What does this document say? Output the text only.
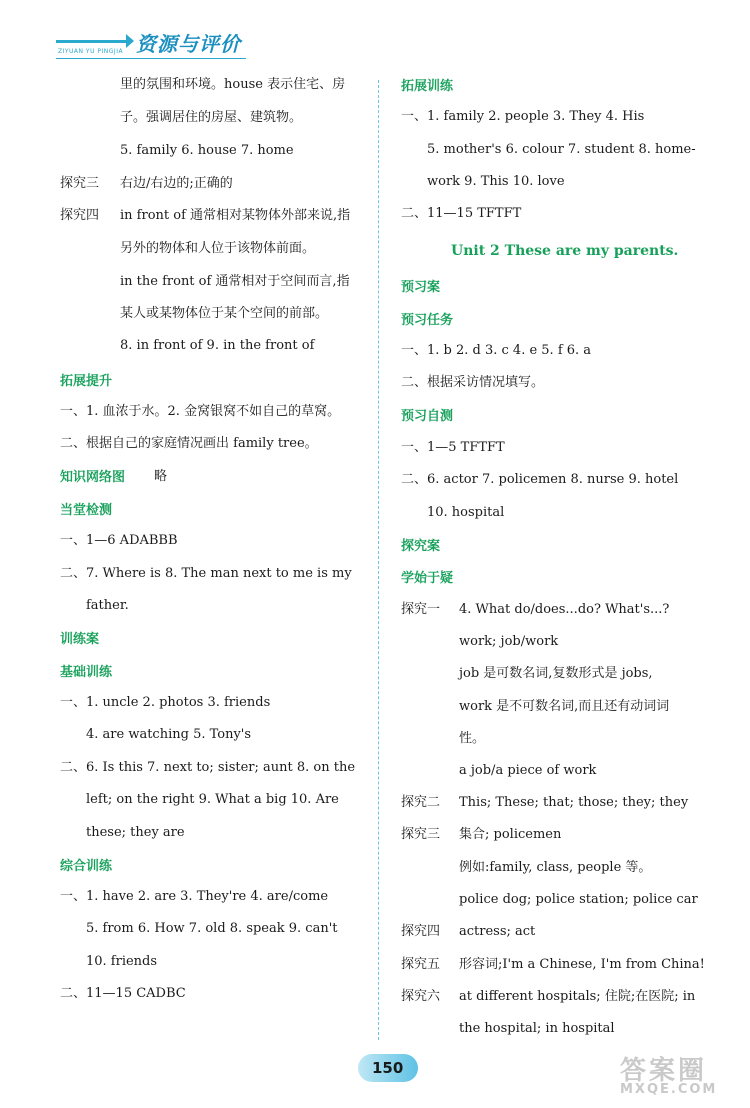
ZIYUAN YU PINGJIA 资源与评价
里的氛围和环境。house 表示住宅、房
子。强调居住的房屋、建筑物。
5. family 6. house 7. home
探究三 右边/右边的;正确的
探究四 in front of 通常相对某物体外部来说,指
另外的物体和人位于该物体前面。
in the front of 通常相对于空间而言,指
某人或某物体位于某个空间的前部。
8. in front of 9. in the front of
拓展提升
一、1. 血浓于水。2. 金窝银窝不如自己的草窝。
二、根据自己的家庭情况画出 family tree。
知识网络图 略
当堂检测
一、1—6 ADABBB
二、7. Where is 8. The man next to me is my
father.
训练案
基础训练
一、1. uncle 2. photos 3. friends
4. are watching 5. Tony's
二、6. Is this 7. next to; sister; aunt 8. on the
left; on the right 9. What a big 10. Are
these; they are
综合训练
一、1. have 2. are 3. They're 4. are/come
5. from 6. How 7. old 8. speak 9. can't
10. friends
二、11—15 CADBC
拓展训练
一、1. family 2. people 3. They 4. His
5. mother's 6. colour 7. student 8. home-
work 9. This 10. love
二、11—15 TFTFT
Unit 2 These are my parents.
预习案
预习任务
一、1. b 2. d 3. c 4. e 5. f 6. a
二、根据采访情况填写。
预习自测
一、1—5 TFTFT
二、6. actor 7. policemen 8. nurse 9. hotel
10. hospital
探究案
学始于疑
探究一 4. What do/does...do? What's...?
work; job/work
job 是可数名词,复数形式是 jobs,
work 是不可数名词,而且还有动词词
性。
a job/a piece of work
探究二 This; These; that; those; they; they
探究三 集合; policemen
例如:family, class, people 等。
police dog; police station; police car
探究四 actress; act
探究五 形容词;I'm a Chinese, I'm from China!
探究六 at different hospitals; 住院;在医院; in
the hospital; in hospital
150	答案圈
MXQE.COM
